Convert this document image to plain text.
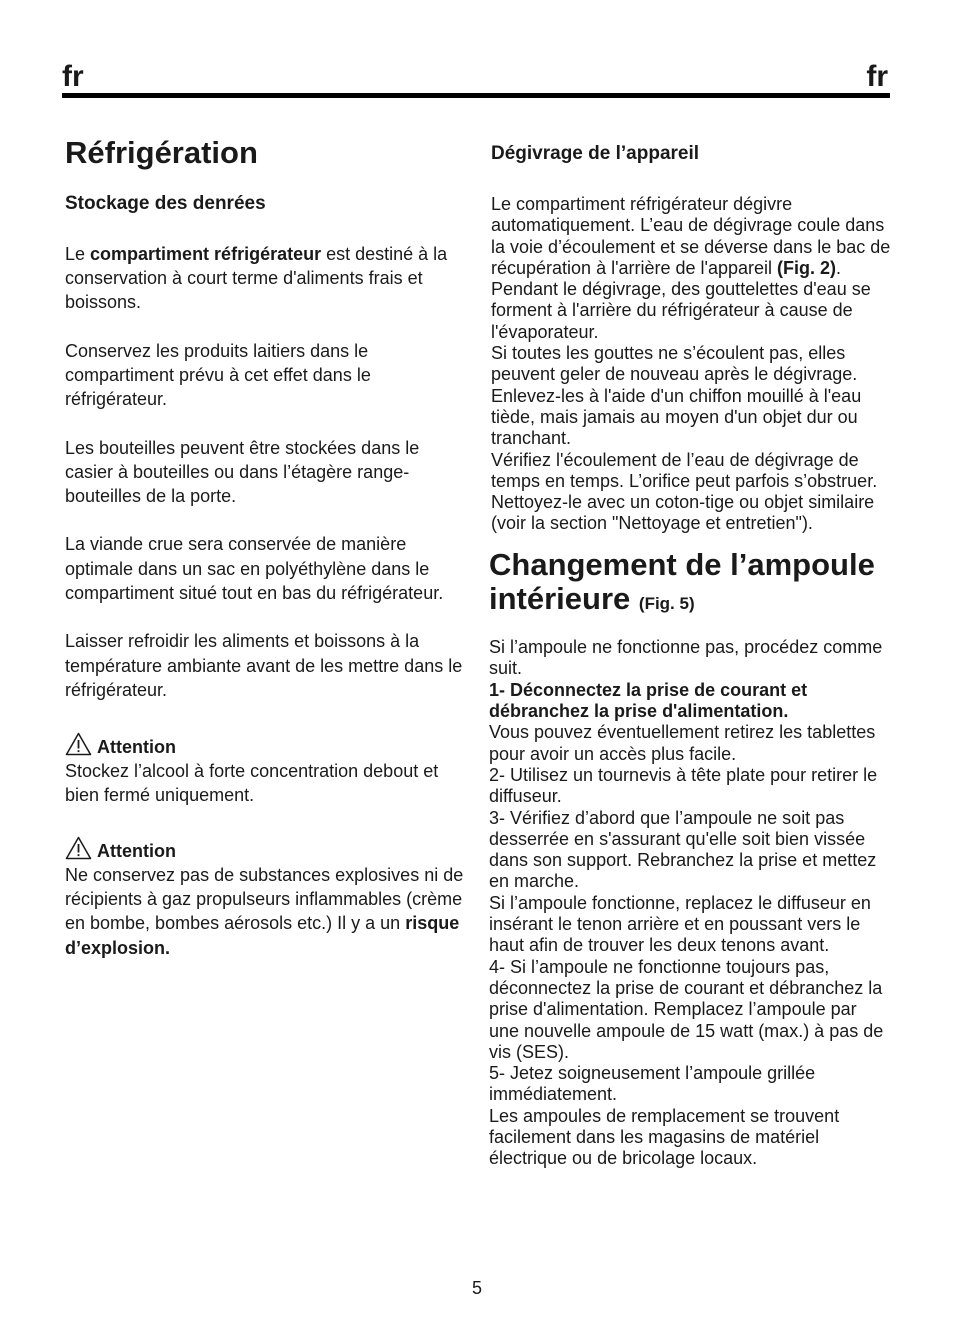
fr	fr
Réfrigération
Stockage des denrées

Le compartiment réfrigérateur est destiné à la conservation à court terme d'aliments frais et boissons.

Conservez les produits laitiers dans le compartiment prévu à cet effet dans le réfrigérateur.

Les bouteilles peuvent être stockées dans le casier à bouteilles ou dans l’étagère range-bouteilles de la porte.

La viande crue sera conservée de manière optimale dans un sac en polyéthylène dans le compartiment situé tout en bas du réfrigérateur.

Laisser refroidir les aliments et boissons à la température ambiante avant de les mettre dans le réfrigérateur.

Attention

Stockez l’alcool à forte concentration debout et bien fermé uniquement.

Attention

Ne conservez pas de substances explosives ni de récipients à gaz propulseurs inflammables (crème en bombe, bombes aérosols etc.) Il y a un risque d’explosion.

Dégivrage de l’appareil

Le compartiment réfrigérateur dégivre automatiquement. L’eau de dégivrage coule dans la voie d’écoulement et se déverse dans le bac de récupération à l'arrière de l'appareil (Fig. 2).

Pendant le dégivrage, des gouttelettes d'eau se forment à l'arrière du réfrigérateur à cause de l'évaporateur.

Si toutes les gouttes ne s’écoulent pas, elles peuvent geler de nouveau après le dégivrage. Enlevez-les à l'aide d'un chiffon mouillé à l'eau tiède, mais jamais au moyen d'un objet dur ou tranchant.

Vérifiez l'écoulement de l’eau de dégivrage de temps en temps. L’orifice peut parfois s’obstruer. Nettoyez-le avec un coton-tige ou objet similaire (voir la section "Nettoyage et entretien").

Changement de l’ampoule intérieure (Fig. 5)

Si l’ampoule ne fonctionne pas, procédez comme suit.

1- Déconnectez la prise de courant et débranchez la prise d'alimentation.

Vous pouvez éventuellement retirez les tablettes pour avoir un accès plus facile.

2- Utilisez un tournevis à tête plate pour retirer le diffuseur.

3- Vérifiez d’abord que l’ampoule ne soit pas desserrée en s'assurant qu'elle soit bien vissée dans son support. Rebranchez la prise et mettez en marche.

Si l’ampoule fonctionne, replacez le diffuseur en insérant le tenon arrière et en poussant vers le haut afin de trouver les deux tenons avant.

4- Si l’ampoule ne fonctionne toujours pas, déconnectez la prise de courant et débranchez la prise d'alimentation. Remplacez l’ampoule par une nouvelle ampoule de 15 watt (max.) à pas de vis (SES).

5- Jetez soigneusement l’ampoule grillée immédiatement.

Les ampoules de remplacement se trouvent facilement dans les magasins de matériel électrique ou de bricolage locaux.

5
